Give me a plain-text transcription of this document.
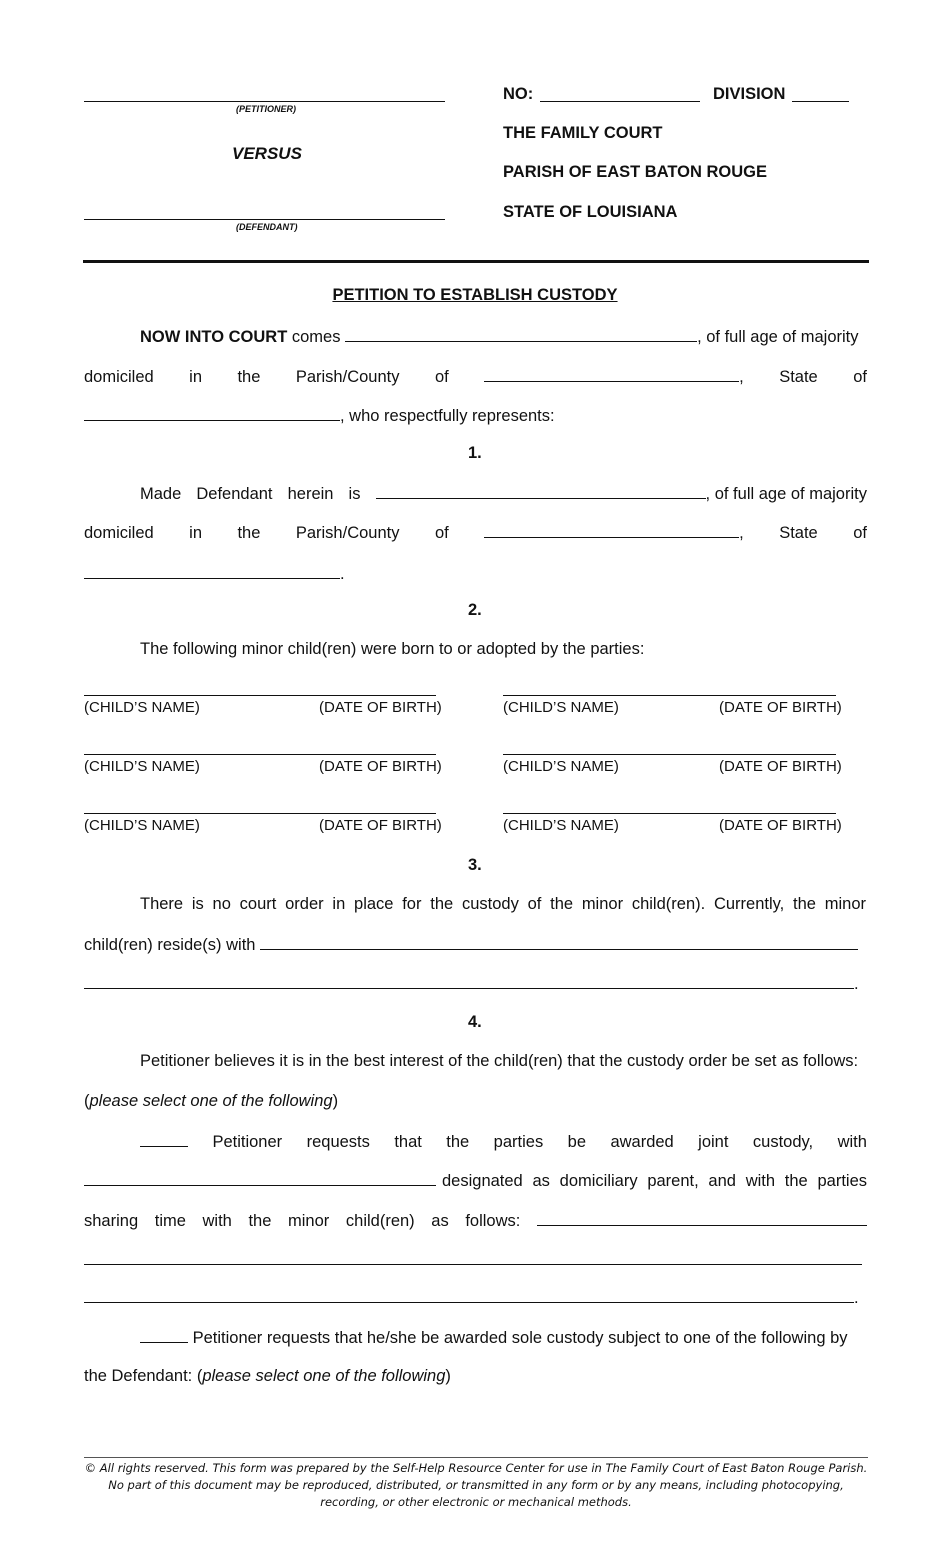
(PETITIONER)
VERSUS
(DEFENDANT)
NO:	DIVISION
THE FAMILY COURT
PARISH OF EAST BATON ROUGE
STATE OF LOUISIANA
PETITION TO ESTABLISH CUSTODY
NOW INTO COURT
comes
	, of full age of majority
domiciled in the Parish/County of	, State of
, who respectfully represents:
1.
Made Defendant herein is	, of full age of majority
domiciled in the Parish/County of	, State of
.
2.
The following minor child(ren) were born to or adopted by the parties:
(CHILD’S NAME)	(DATE OF BIRTH)	(CHILD’S NAME)	(DATE OF BIRTH)
(CHILD’S NAME)	(DATE OF BIRTH)	(CHILD’S NAME)	(DATE OF BIRTH)
(CHILD’S NAME)	(DATE OF BIRTH)	(CHILD’S NAME)	(DATE OF BIRTH)
3.
There is no court order in place for the custody of the minor child(ren). Currently, the minor
child(ren) reside(s) with
.
4.
Petitioner believes it is in the best interest of the child(ren) that the custody order be set as follows:
(please select one of the following)
Petitioner requests that the parties be awarded joint custody, with
designated as domiciliary parent, and with the parties
sharing time with the minor child(ren) as follows:
.
Petitioner requests that he/she be awarded sole custody subject to one of the following by
the Defendant: (please select one of the following)
© All rights reserved. This form was prepared by the Self-Help Resource Center for use in The Family Court of East Baton Rouge Parish. No part of this document may be reproduced, distributed, or transmitted in any form or by any means, including photocopying, recording, or other electronic or mechanical methods.
